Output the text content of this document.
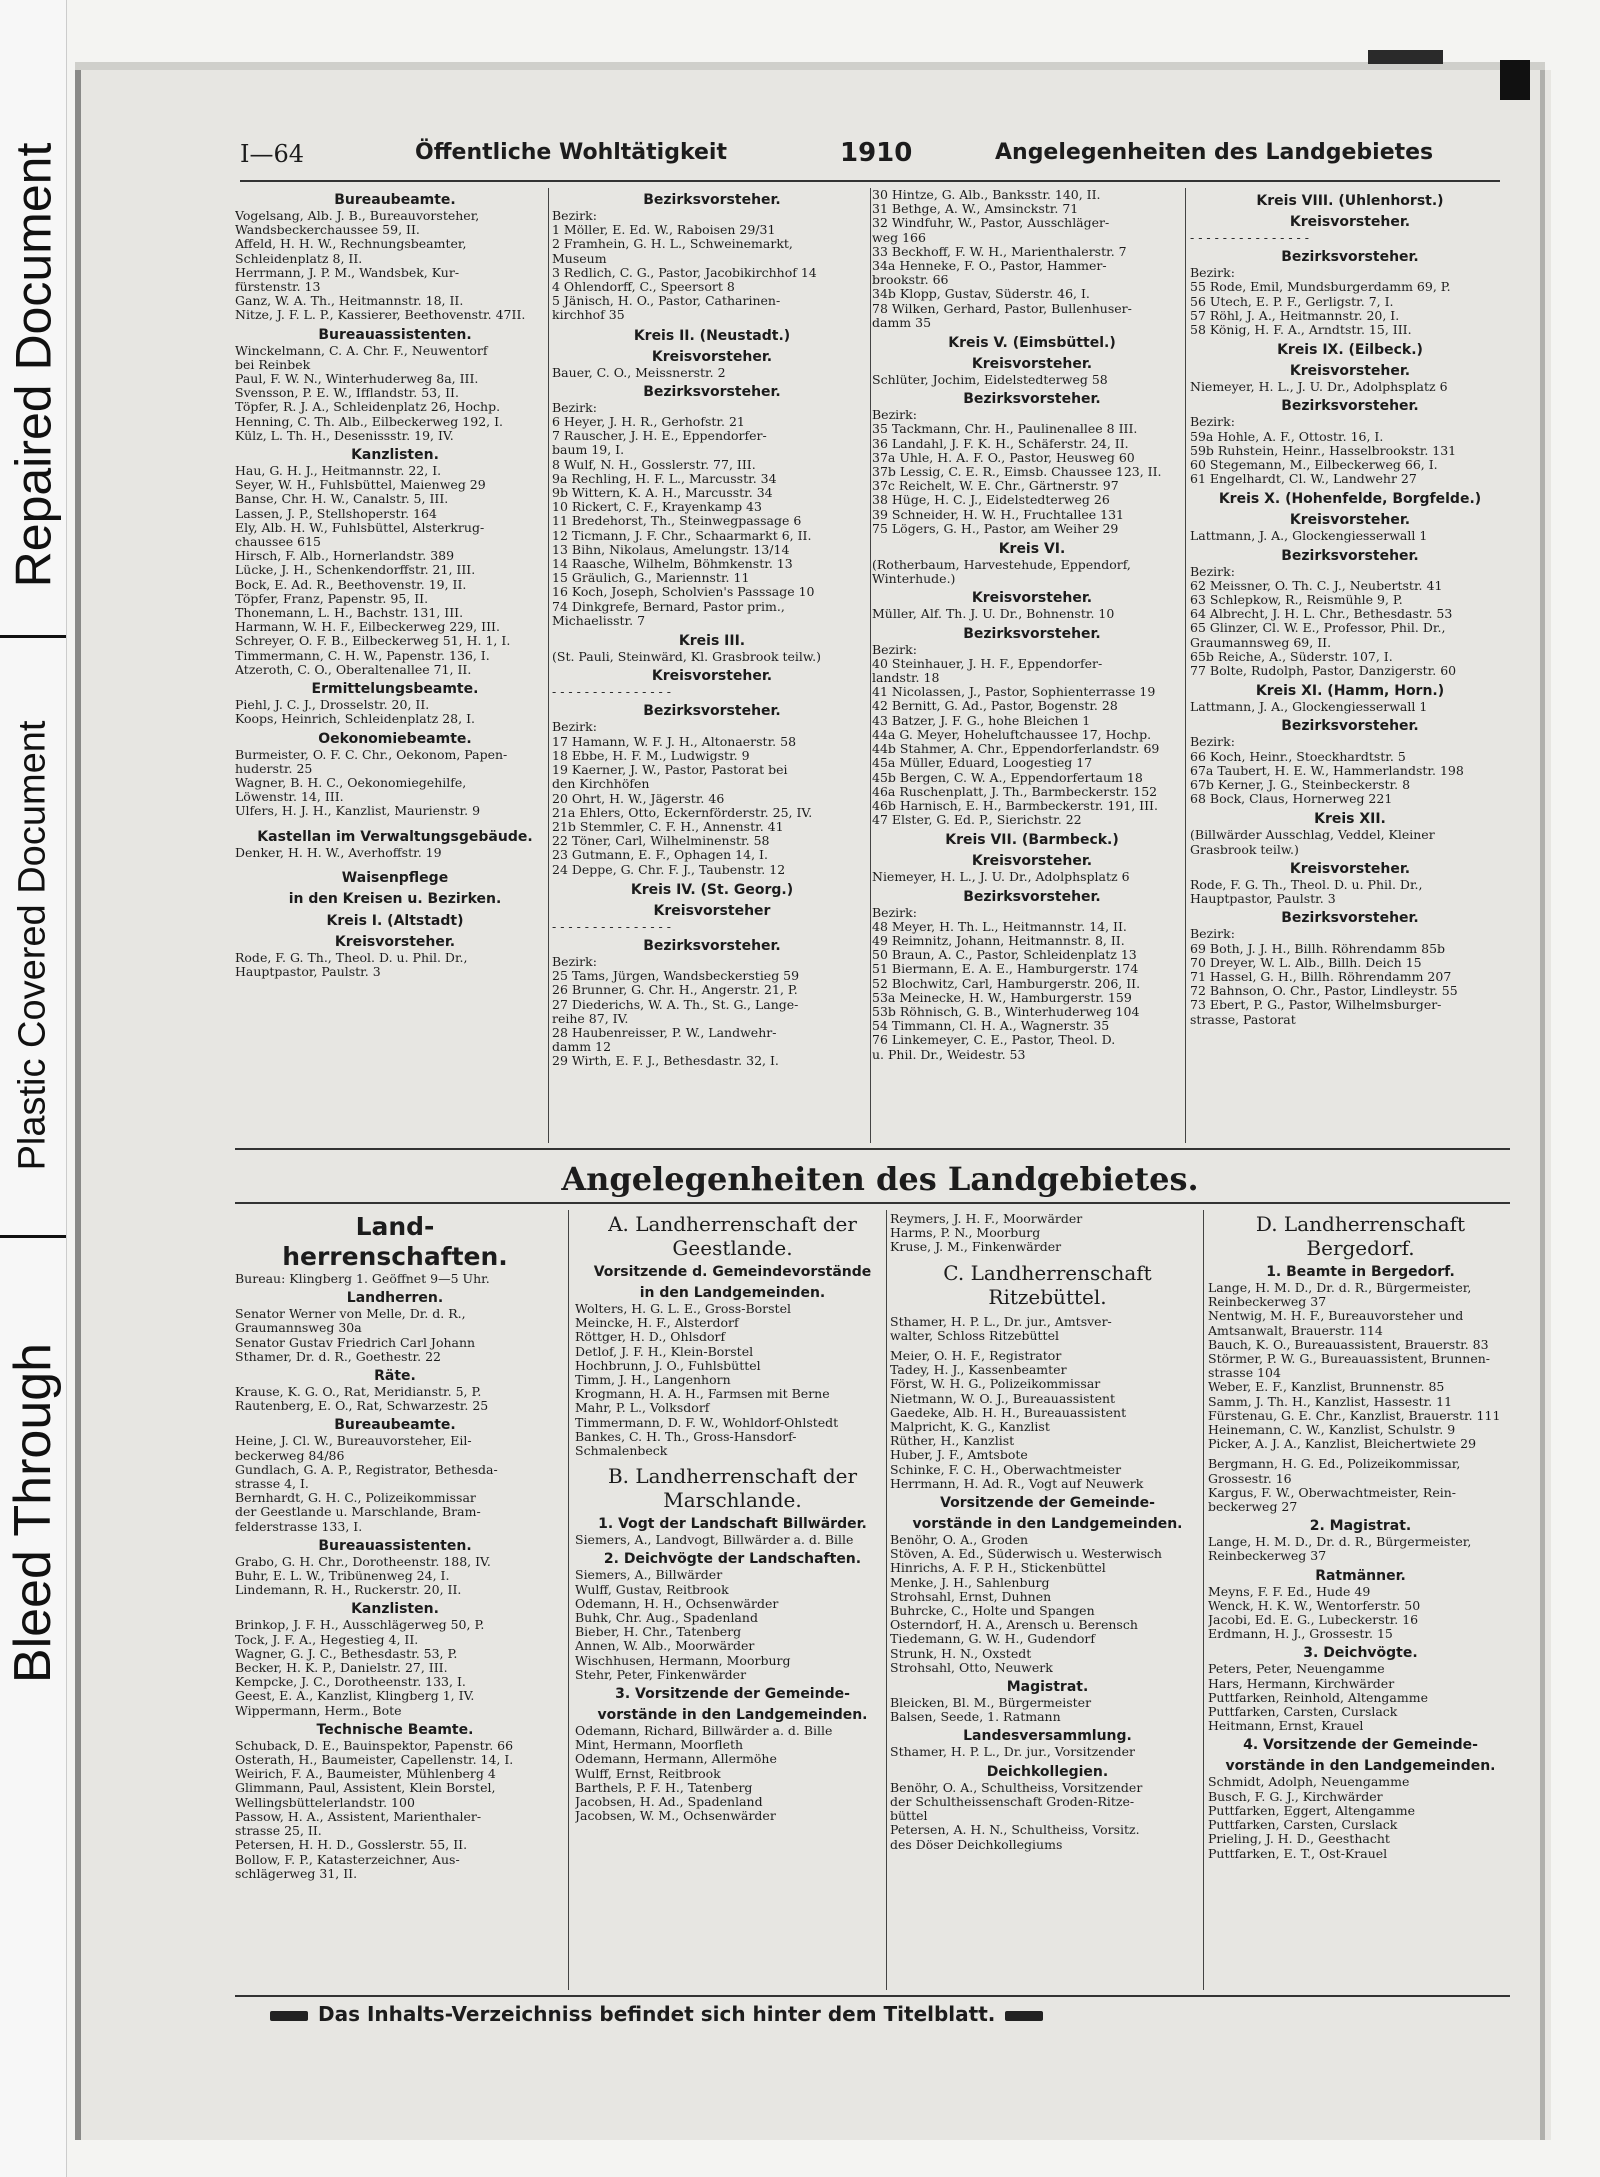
Repaired Document
Plastic Covered Document
Bleed Through
I—64	Öffentliche Wohltätigkeit	1910	Angelegenheiten des Landgebietes
Bureaubeamte.
Vogelsang, Alb. J. B., Bureauvorsteher,
Wandsbeckerchaussee 59, II.
Affeld, H. H. W., Rechnungsbeamter,
Schleidenplatz 8, II.
Herrmann, J. P. M., Wandsbek, Kur-
fürstenstr. 13
Ganz, W. A. Th., Heitmannstr. 18, II.
Nitze, J. F. L. P., Kassierer, Beethovenstr. 47II.
Bureauassistenten.
Winckelmann, C. A. Chr. F., Neuwentorf
bei Reinbek
Paul, F. W. N., Winterhuderweg 8a, III.
Svensson, P. E. W., Ifflandstr. 53, II.
Töpfer, R. J. A., Schleidenplatz 26, Hochp.
Henning, C. Th. Alb., Eilbeckerweg 192, I.
Külz, L. Th. H., Desenissstr. 19, IV.
Kanzlisten.
Hau, G. H. J., Heitmannstr. 22, I.
Seyer, W. H., Fuhlsbüttel, Maienweg 29
Banse, Chr. H. W., Canalstr. 5, III.
Lassen, J. P., Stellshoperstr. 164
Ely, Alb. H. W., Fuhlsbüttel, Alsterkrug-
chaussee 615
Hirsch, F. Alb., Hornerlandstr. 389
Lücke, J. H., Schenkendorffstr. 21, III.
Bock, E. Ad. R., Beethovenstr. 19, II.
Töpfer, Franz, Papenstr. 95, II.
Thonemann, L. H., Bachstr. 131, III.
Harmann, W. H. F., Eilbeckerweg 229, III.
Schreyer, O. F. B., Eilbeckerweg 51, H. 1, I.
Timmermann, C. H. W., Papenstr. 136, I.
Atzeroth, C. O., Oberaltenallee 71, II.
Ermittelungsbeamte.
Piehl, J. C. J., Drosselstr. 20, II.
Koops, Heinrich, Schleidenplatz 28, I.
Oekonomiebeamte.
Burmeister, O. F. C. Chr., Oekonom, Papen-
huderstr. 25
Wagner, B. H. C., Oekonomiegehilfe,
Löwenstr. 14, III.
Ulfers, H. J. H., Kanzlist, Maurienstr. 9
Kastellan im Verwaltungsgebäude.
Denker, H. H. W., Averhoffstr. 19
Waisenpflege
in den Kreisen u. Bezirken.
Kreis I. (Altstadt)
Kreisvorsteher.
Rode, F. G. Th., Theol. D. u. Phil. Dr.,
Hauptpastor, Paulstr. 3
Bezirksvorsteher.
Bezirk:
1 Möller, E. Ed. W., Raboisen 29/31
2 Framhein, G. H. L., Schweinemarkt,
Museum
3 Redlich, C. G., Pastor, Jacobikirchhof 14
4 Ohlendorff, C., Speersort 8
5 Jänisch, H. O., Pastor, Catharinen-
kirchhof 35
Kreis II. (Neustadt.)
Kreisvorsteher.
Bauer, C. O., Meissnerstr. 2
Bezirksvorsteher.
Bezirk:
6 Heyer, J. H. R., Gerhofstr. 21
7 Rauscher, J. H. E., Eppendorfer-
baum 19, I.
8 Wulf, N. H., Gosslerstr. 77, III.
9a Rechling, H. F. L., Marcusstr. 34
9b Wittern, K. A. H., Marcusstr. 34
10 Rickert, C. F., Krayenkamp 43
11 Bredehorst, Th., Steinwegpassage 6
12 Ticmann, J. F. Chr., Schaarmarkt 6, II.
13 Bihn, Nikolaus, Amelungstr. 13/14
14 Raasche, Wilhelm, Böhmkenstr. 13
15 Gräulich, G., Mariennstr. 11
16 Koch, Joseph, Scholvien's Passsage 10
74 Dinkgrefe, Bernard, Pastor prim.,
Michaelisstr. 7
Kreis III.
(St. Pauli, Steinwärd, Kl. Grasbrook teilw.)
Kreisvorsteher.
- - - - - - - - - - - - - - -
Bezirksvorsteher.
Bezirk:
17 Hamann, W. F. J. H., Altonaerstr. 58
18 Ebbe, H. F. M., Ludwigstr. 9
19 Kaerner, J. W., Pastor, Pastorat bei
den Kirchhöfen
20 Ohrt, H. W., Jägerstr. 46
21a Ehlers, Otto, Eckernförderstr. 25, IV.
21b Stemmler, C. F. H., Annenstr. 41
22 Töner, Carl, Wilhelminenstr. 58
23 Gutmann, E. F., Ophagen 14, I.
24 Deppe, G. Chr. F. J., Taubenstr. 12
Kreis IV. (St. Georg.)
Kreisvorsteher
- - - - - - - - - - - - - - -
Bezirksvorsteher.
Bezirk:
25 Tams, Jürgen, Wandsbeckerstieg 59
26 Brunner, G. Chr. H., Angerstr. 21, P.
27 Diederichs, W. A. Th., St. G., Lange-
reihe 87, IV.
28 Haubenreisser, P. W., Landwehr-
damm 12
29 Wirth, E. F. J., Bethesdastr. 32, I.
30 Hintze, G. Alb., Banksstr. 140, II.
31 Bethge, A. W., Amsinckstr. 71
32 Windfuhr, W., Pastor, Ausschläger-
weg 166
33 Beckhoff, F. W. H., Marienthalerstr. 7
34a Henneke, F. O., Pastor, Hammer-
brookstr. 66
34b Klopp, Gustav, Süderstr. 46, I.
78 Wilken, Gerhard, Pastor, Bullenhuser-
damm 35
Kreis V. (Eimsbüttel.)
Kreisvorsteher.
Schlüter, Jochim, Eidelstedterweg 58
Bezirksvorsteher.
Bezirk:
35 Tackmann, Chr. H., Paulinenallee 8 III.
36 Landahl, J. F. K. H., Schäferstr. 24, II.
37a Uhle, H. A. F. O., Pastor, Heusweg 60
37b Lessig, C. E. R., Eimsb. Chaussee 123, II.
37c Reichelt, W. E. Chr., Gärtnerstr. 97
38 Hüge, H. C. J., Eidelstedterweg 26
39 Schneider, H. W. H., Fruchtallee 131
75 Lögers, G. H., Pastor, am Weiher 29
Kreis VI.
(Rotherbaum, Harvestehude, Eppendorf,
Winterhude.)
Kreisvorsteher.
Müller, Alf. Th. J. U. Dr., Bohnenstr. 10
Bezirksvorsteher.
Bezirk:
40 Steinhauer, J. H. F., Eppendorfer-
landstr. 18
41 Nicolassen, J., Pastor, Sophienterrasse 19
42 Bernitt, G. Ad., Pastor, Bogenstr. 28
43 Batzer, J. F. G., hohe Bleichen 1
44a G. Meyer, Hoheluftchaussee 17, Hochp.
44b Stahmer, A. Chr., Eppendorferlandstr. 69
45a Müller, Eduard, Loogestieg 17
45b Bergen, C. W. A., Eppendorfertaum 18
46a Ruschenplatt, J. Th., Barmbeckerstr. 152
46b Harnisch, E. H., Barmbeckerstr. 191, III.
47 Elster, G. Ed. P., Sierichstr. 22
Kreis VII. (Barmbeck.)
Kreisvorsteher.
Niemeyer, H. L., J. U. Dr., Adolphsplatz 6
Bezirksvorsteher.
Bezirk:
48 Meyer, H. Th. L., Heitmannstr. 14, II.
49 Reimnitz, Johann, Heitmannstr. 8, II.
50 Braun, A. C., Pastor, Schleidenplatz 13
51 Biermann, E. A. E., Hamburgerstr. 174
52 Blochwitz, Carl, Hamburgerstr. 206, II.
53a Meinecke, H. W., Hamburgerstr. 159
53b Röhnisch, G. B., Winterhuderweg 104
54 Timmann, Cl. H. A., Wagnerstr. 35
76 Linkemeyer, C. E., Pastor, Theol. D.
u. Phil. Dr., Weidestr. 53
Kreis VIII. (Uhlenhorst.)
Kreisvorsteher.
- - - - - - - - - - - - - - -
Bezirksvorsteher.
Bezirk:
55 Rode, Emil, Mundsburgerdamm 69, P.
56 Utech, E. P. F., Gerligstr. 7, I.
57 Röhl, J. A., Heitmannstr. 20, I.
58 König, H. F. A., Arndtstr. 15, III.
Kreis IX. (Eilbeck.)
Kreisvorsteher.
Niemeyer, H. L., J. U. Dr., Adolphsplatz 6
Bezirksvorsteher.
Bezirk:
59a Hohle, A. F., Ottostr. 16, I.
59b Ruhstein, Heinr., Hasselbrookstr. 131
60 Stegemann, M., Eilbeckerweg 66, I.
61 Engelhardt, Cl. W., Landwehr 27
Kreis X. (Hohenfelde, Borgfelde.)
Kreisvorsteher.
Lattmann, J. A., Glockengiesserwall 1
Bezirksvorsteher.
Bezirk:
62 Meissner, O. Th. C. J., Neubertstr. 41
63 Schlepkow, R., Reismühle 9, P.
64 Albrecht, J. H. L. Chr., Bethesdastr. 53
65 Glinzer, Cl. W. E., Professor, Phil. Dr.,
Graumannsweg 69, II.
65b Reiche, A., Süderstr. 107, I.
77 Bolte, Rudolph, Pastor, Danzigerstr. 60
Kreis XI. (Hamm, Horn.)
Lattmann, J. A., Glockengiesserwall 1
Bezirksvorsteher.
Bezirk:
66 Koch, Heinr., Stoeckhardtstr. 5
67a Taubert, H. E. W., Hammerlandstr. 198
67b Kerner, J. G., Steinbeckerstr. 8
68 Bock, Claus, Hornerweg 221
Kreis XII.
(Billwärder Ausschlag, Veddel, Kleiner
Grasbrook teilw.)
Kreisvorsteher.
Rode, F. G. Th., Theol. D. u. Phil. Dr.,
Hauptpastor, Paulstr. 3
Bezirksvorsteher.
Bezirk:
69 Both, J. J. H., Billh. Röhrendamm 85b
70 Dreyer, W. L. Alb., Billh. Deich 15
71 Hassel, G. H., Billh. Röhrendamm 207
72 Bahnson, O. Chr., Pastor, Lindleystr. 55
73 Ebert, P. G., Pastor, Wilhelmsburger-
strasse, Pastorat
Angelegenheiten des Landgebietes.
Land-
herrenschaften.
Bureau: Klingberg 1. Geöffnet 9—5 Uhr.
Landherren.
Senator Werner von Melle, Dr. d. R.,
Graumannsweg 30a
Senator Gustav Friedrich Carl Johann
Sthamer, Dr. d. R., Goethestr. 22
Räte.
Krause, K. G. O., Rat, Meridianstr. 5, P.
Rautenberg, E. O., Rat, Schwarzestr. 25
Bureaubeamte.
Heine, J. Cl. W., Bureauvorsteher, Eil-
beckerweg 84/86
Gundlach, G. A. P., Registrator, Bethesda-
strasse 4, I.
Bernhardt, G. H. C., Polizeikommissar
der Geestlande u. Marschlande, Bram-
felderstrasse 133, I.
Bureauassistenten.
Grabo, G. H. Chr., Dorotheenstr. 188, IV.
Buhr, E. L. W., Tribünenweg 24, I.
Lindemann, R. H., Ruckerstr. 20, II.
Kanzlisten.
Brinkop, J. F. H., Ausschlägerweg 50, P.
Tock, J. F. A., Hegestieg 4, II.
Wagner, G. J. C., Bethesdastr. 53, P.
Becker, H. K. P., Danielstr. 27, III.
Kempcke, J. C., Dorotheenstr. 133, I.
Geest, E. A., Kanzlist, Klingberg 1, IV.
Wippermann, Herm., Bote
Technische Beamte.
Schuback, D. E., Bauinspektor, Papenstr. 66
Osterath, H., Baumeister, Capellenstr. 14, I.
Weirich, F. A., Baumeister, Mühlenberg 4
Glimmann, Paul, Assistent, Klein Borstel,
Wellingsbüttelerlandstr. 100
Passow, H. A., Assistent, Marienthaler-
strasse 25, II.
Petersen, H. H. D., Gosslerstr. 55, II.
Bollow, F. P., Katasterzeichner, Aus-
schlägerweg 31, II.
A. Landherrenschaft der
Geestlande.
Vorsitzende d. Gemeindevorstände
in den Landgemeinden.
Wolters, H. G. L. E., Gross-Borstel
Meincke, H. F., Alsterdorf
Röttger, H. D., Ohlsdorf
Detlof, J. F. H., Klein-Borstel
Hochbrunn, J. O., Fuhlsbüttel
Timm, J. H., Langenhorn
Krogmann, H. A. H., Farmsen mit Berne
Mahr, P. L., Volksdorf
Timmermann, D. F. W., Wohldorf-Ohlstedt
Bankes, C. H. Th., Gross-Hansdorf-
Schmalenbeck
B. Landherrenschaft der
Marschlande.
1. Vogt der Landschaft Billwärder.
Siemers, A., Landvogt, Billwärder a. d. Bille
2. Deichvögte der Landschaften.
Siemers, A., Billwärder
Wulff, Gustav, Reitbrook
Odemann, H. H., Ochsenwärder
Buhk, Chr. Aug., Spadenland
Bieber, H. Chr., Tatenberg
Annen, W. Alb., Moorwärder
Wischhusen, Hermann, Moorburg
Stehr, Peter, Finkenwärder
3. Vorsitzende der Gemeinde-
vorstände in den Landgemeinden.
Odemann, Richard, Billwärder a. d. Bille
Mint, Hermann, Moorfleth
Odemann, Hermann, Allermöhe
Wulff, Ernst, Reitbrook
Barthels, P. F. H., Tatenberg
Jacobsen, H. Ad., Spadenland
Jacobsen, W. M., Ochsenwärder
Reymers, J. H. F., Moorwärder
Harms, P. N., Moorburg
Kruse, J. M., Finkenwärder
C. Landherrenschaft
Ritzebüttel.
Sthamer, H. P. L., Dr. jur., Amtsver-
walter, Schloss Ritzebüttel
Meier, O. H. F., Registrator
Tadey, H. J., Kassenbeamter
Först, W. H. G., Polizeikommissar
Nietmann, W. O. J., Bureauassistent
Gaedeke, Alb. H. H., Bureauassistent
Malpricht, K. G., Kanzlist
Rüther, H., Kanzlist
Huber, J. F., Amtsbote
Schinke, F. C. H., Oberwachtmeister
Herrmann, H. Ad. R., Vogt auf Neuwerk
Vorsitzende der Gemeinde-
vorstände in den Landgemeinden.
Benöhr, O. A., Groden
Stöven, A. Ed., Süderwisch u. Westerwisch
Hinrichs, A. F. P. H., Stickenbüttel
Menke, J. H., Sahlenburg
Strohsahl, Ernst, Duhnen
Buhrcke, C., Holte und Spangen
Osterndorf, H. A., Arensch u. Berensch
Tiedemann, G. W. H., Gudendorf
Strunk, H. N., Oxstedt
Strohsahl, Otto, Neuwerk
Magistrat.
Bleicken, Bl. M., Bürgermeister
Balsen, Seede, 1. Ratmann
Landesversammlung.
Sthamer, H. P. L., Dr. jur., Vorsitzender
Deichkollegien.
Benöhr, O. A., Schultheiss, Vorsitzender
der Schultheissenschaft Groden-Ritze-
büttel
Petersen, A. H. N., Schultheiss, Vorsitz.
des Döser Deichkollegiums
D. Landherrenschaft
Bergedorf.
1. Beamte in Bergedorf.
Lange, H. M. D., Dr. d. R., Bürgermeister,
Reinbeckerweg 37
Nentwig, M. H. F., Bureauvorsteher und
Amtsanwalt, Brauerstr. 114
Bauch, K. O., Bureauassistent, Brauerstr. 83
Störmer, P. W. G., Bureauassistent, Brunnen-
strasse 104
Weber, E. F., Kanzlist, Brunnenstr. 85
Samm, J. Th. H., Kanzlist, Hassestr. 11
Fürstenau, G. E. Chr., Kanzlist, Brauerstr. 111
Heinemann, C. W., Kanzlist, Schulstr. 9
Picker, A. J. A., Kanzlist, Bleichertwiete 29
Bergmann, H. G. Ed., Polizeikommissar,
Grossestr. 16
Kargus, F. W., Oberwachtmeister, Rein-
beckerweg 27
2. Magistrat.
Lange, H. M. D., Dr. d. R., Bürgermeister,
Reinbeckerweg 37
Ratmänner.
Meyns, F. F. Ed., Hude 49
Wenck, H. K. W., Wentorferstr. 50
Jacobi, Ed. E. G., Lubeckerstr. 16
Erdmann, H. J., Grossestr. 15
3. Deichvögte.
Peters, Peter, Neuengamme
Hars, Hermann, Kirchwärder
Puttfarken, Reinhold, Altengamme
Puttfarken, Carsten, Curslack
Heitmann, Ernst, Krauel
4. Vorsitzende der Gemeinde-
vorstände in den Landgemeinden.
Schmidt, Adolph, Neuengamme
Busch, F. G. J., Kirchwärder
Puttfarken, Eggert, Altengamme
Puttfarken, Carsten, Curslack
Prieling, J. H. D., Geesthacht
Puttfarken, E. T., Ost-Krauel
Das Inhalts-Verzeichniss befindet sich hinter dem Titelblatt.
